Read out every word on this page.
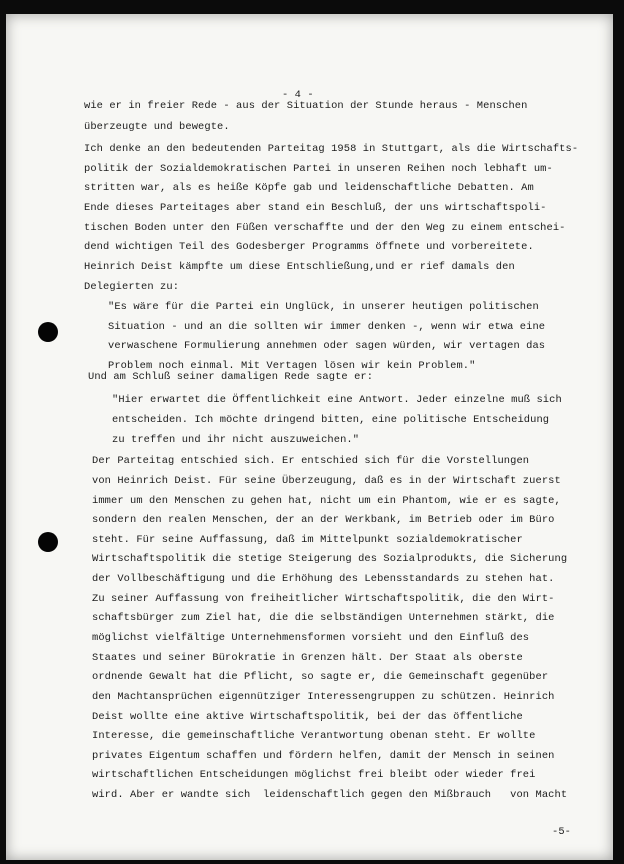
- 4 -
wie er in freier Rede - aus der Situation der Stunde heraus - Menschen
überzeugte und bewegte.
Ich denke an den bedeutenden Parteitag 1958 in Stuttgart, als die Wirtschafts-
politik der Sozialdemokratischen Partei in unseren Reihen noch lebhaft um-
stritten war, als es heiße Köpfe gab und leidenschaftliche Debatten. Am
Ende dieses Parteitages aber stand ein Beschluß, der uns wirtschaftspoli-
tischen Boden unter den Füßen verschaffte und der den Weg zu einem entschei-
dend wichtigen Teil des Godesberger Programms öffnete und vorbereitete.
Heinrich Deist kämpfte um diese Entschließung,und er rief damals den
Delegierten zu:
"Es wäre für die Partei ein Unglück, in unserer heutigen politischen
Situation - und an die sollten wir immer denken -, wenn wir etwa eine
verwaschene Formulierung annehmen oder sagen würden, wir vertagen das
Problem noch einmal. Mit Vertagen lösen wir kein Problem."
Und am Schluß seiner damaligen Rede sagte er:
"Hier erwartet die Öffentlichkeit eine Antwort. Jeder einzelne muß sich
entscheiden. Ich möchte dringend bitten, eine politische Entscheidung
zu treffen und ihr nicht auszuweichen."
Der Parteitag entschied sich. Er entschied sich für die Vorstellungen
von Heinrich Deist. Für seine Überzeugung, daß es in der Wirtschaft zuerst
immer um den Menschen zu gehen hat, nicht um ein Phantom, wie er es sagte,
sondern den realen Menschen, der an der Werkbank, im Betrieb oder im Büro
steht. Für seine Auffassung, daß im Mittelpunkt sozialdemokratischer
Wirtschaftspolitik die stetige Steigerung des Sozialprodukts, die Sicherung
der Vollbeschäftigung und die Erhöhung des Lebensstandards zu stehen hat.
Zu seiner Auffassung von freiheitlicher Wirtschaftspolitik, die den Wirt-
schaftsbürger zum Ziel hat, die die selbständigen Unternehmen stärkt, die
möglichst vielfältige Unternehmensformen vorsieht und den Einfluß des
Staates und seiner Bürokratie in Grenzen hält. Der Staat als oberste
ordnende Gewalt hat die Pflicht, so sagte er, die Gemeinschaft gegenüber
den Machtansprüchen eigennütziger Interessengruppen zu schützen. Heinrich
Deist wollte eine aktive Wirtschaftspolitik, bei der das öffentliche
Interesse, die gemeinschaftliche Verantwortung obenan steht. Er wollte
privates Eigentum schaffen und fördern helfen, damit der Mensch in seinen
wirtschaftlichen Entscheidungen möglichst frei bleibt oder wieder frei
wird. Aber er wandte sich  leidenschaftlich gegen den Mißbrauch   von Macht
-5-
